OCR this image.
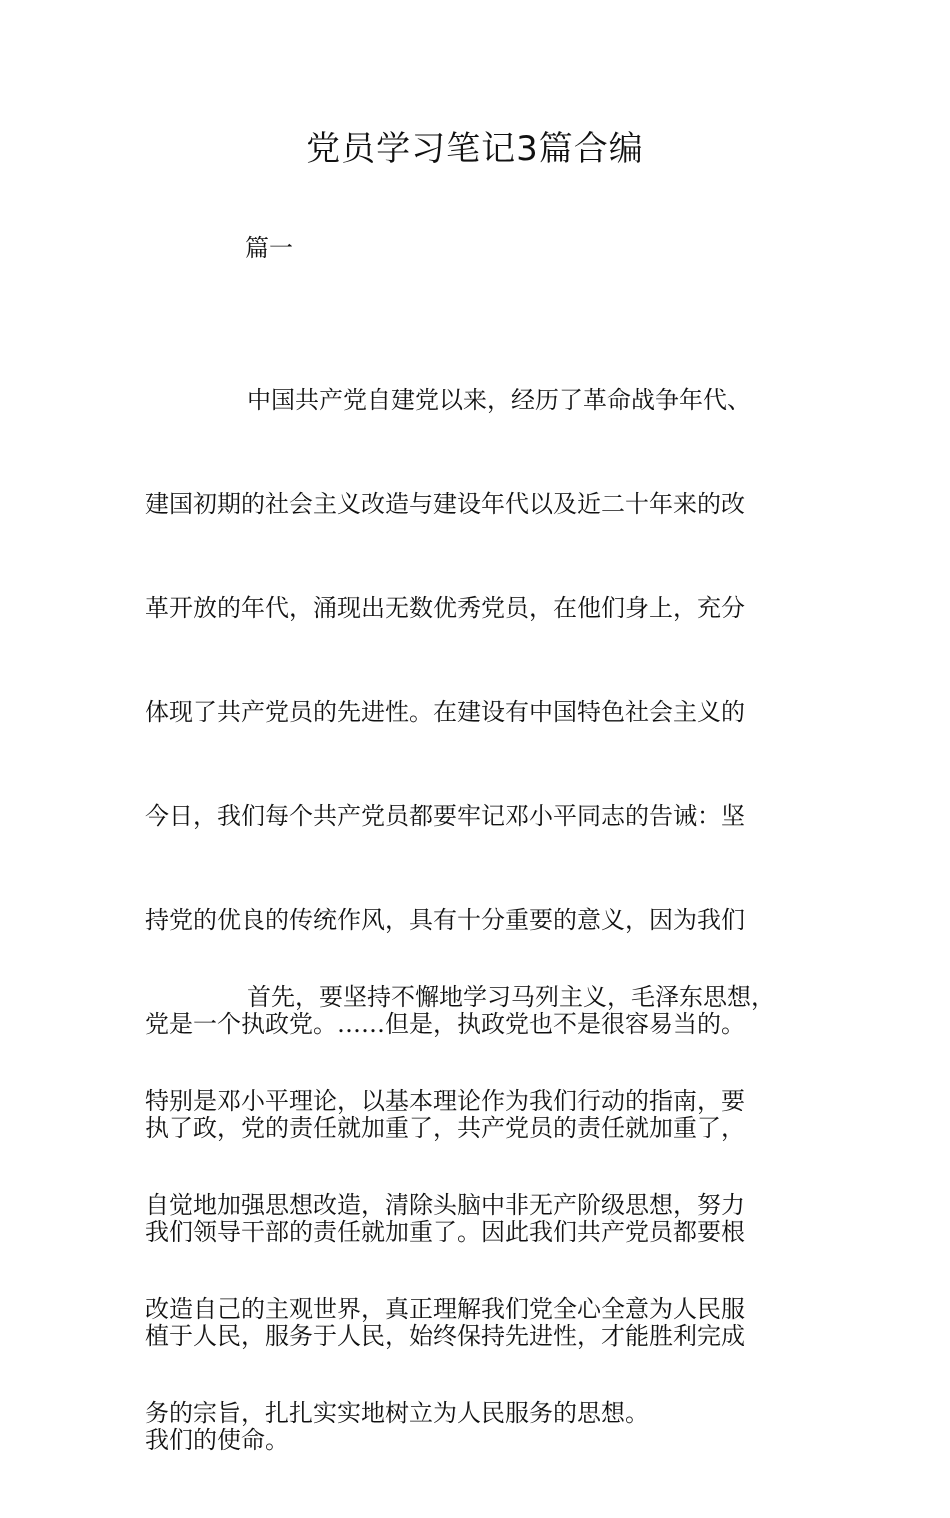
党员学习笔记3篇合编
篇一

中国共产党自建党以来，经历了革命战争年代、

建国初期的社会主义改造与建设年代以及近二十年来的改

革开放的年代，涌现出无数优秀党员，在他们身上，充分

体现了共产党员的先进性。在建设有中国特色社会主义的

今日，我们每个共产党员都要牢记邓小平同志的告诫：坚

持党的优良的传统作风，具有十分重要的意义，因为我们

党是一个执政党。……但是，执政党也不是很容易当的。

执了政，党的责任就加重了，共产党员的责任就加重了，

我们领导干部的责任就加重了。因此我们共产党员都要根

植于人民，服务于人民，始终保持先进性，才能胜利完成

我们的使命。

首先，要坚持不懈地学习马列主义，毛泽东思想，

特别是邓小平理论，以基本理论作为我们行动的指南，要

自觉地加强思想改造，清除头脑中非无产阶级思想，努力

改造自己的主观世界，真正理解我们党全心全意为人民服

务的宗旨，扎扎实实地树立为人民服务的思想。
